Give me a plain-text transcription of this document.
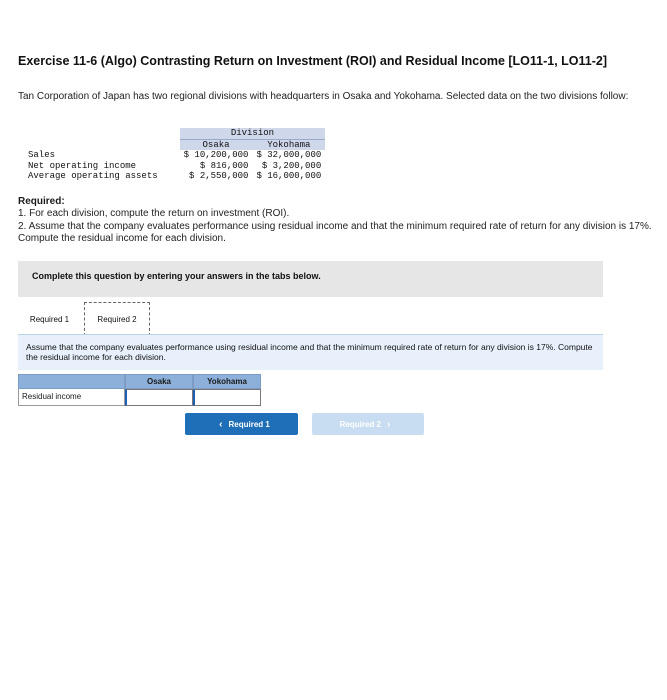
Exercise 11-6 (Algo) Contrasting Return on Investment (ROI) and Residual Income [LO11-1, LO11-2]
Tan Corporation of Japan has two regional divisions with headquarters in Osaka and Yokohama. Selected data on the two divisions follow:
	Division	
	Osaka	Yokohama
Sales	$ 10,200,000	$ 32,000,000
Net operating income	$ 816,000	$ 3,200,000
Average operating assets	$ 2,550,000	$ 16,000,000
Required:

1. For each division, compute the return on investment (ROI).

2. Assume that the company evaluates performance using residual income and that the minimum required rate of return for any division is 17%. Compute the residual income for each division.

Complete this question by entering your answers in the tabs below.
Required 1	Required 2
Assume that the company evaluates performance using residual income and that the minimum required rate of return for any division is 17%. Compute the residual income for each division.
Osaka	Yokohama
Residual income
‹ Required 1	Required 2 ›
